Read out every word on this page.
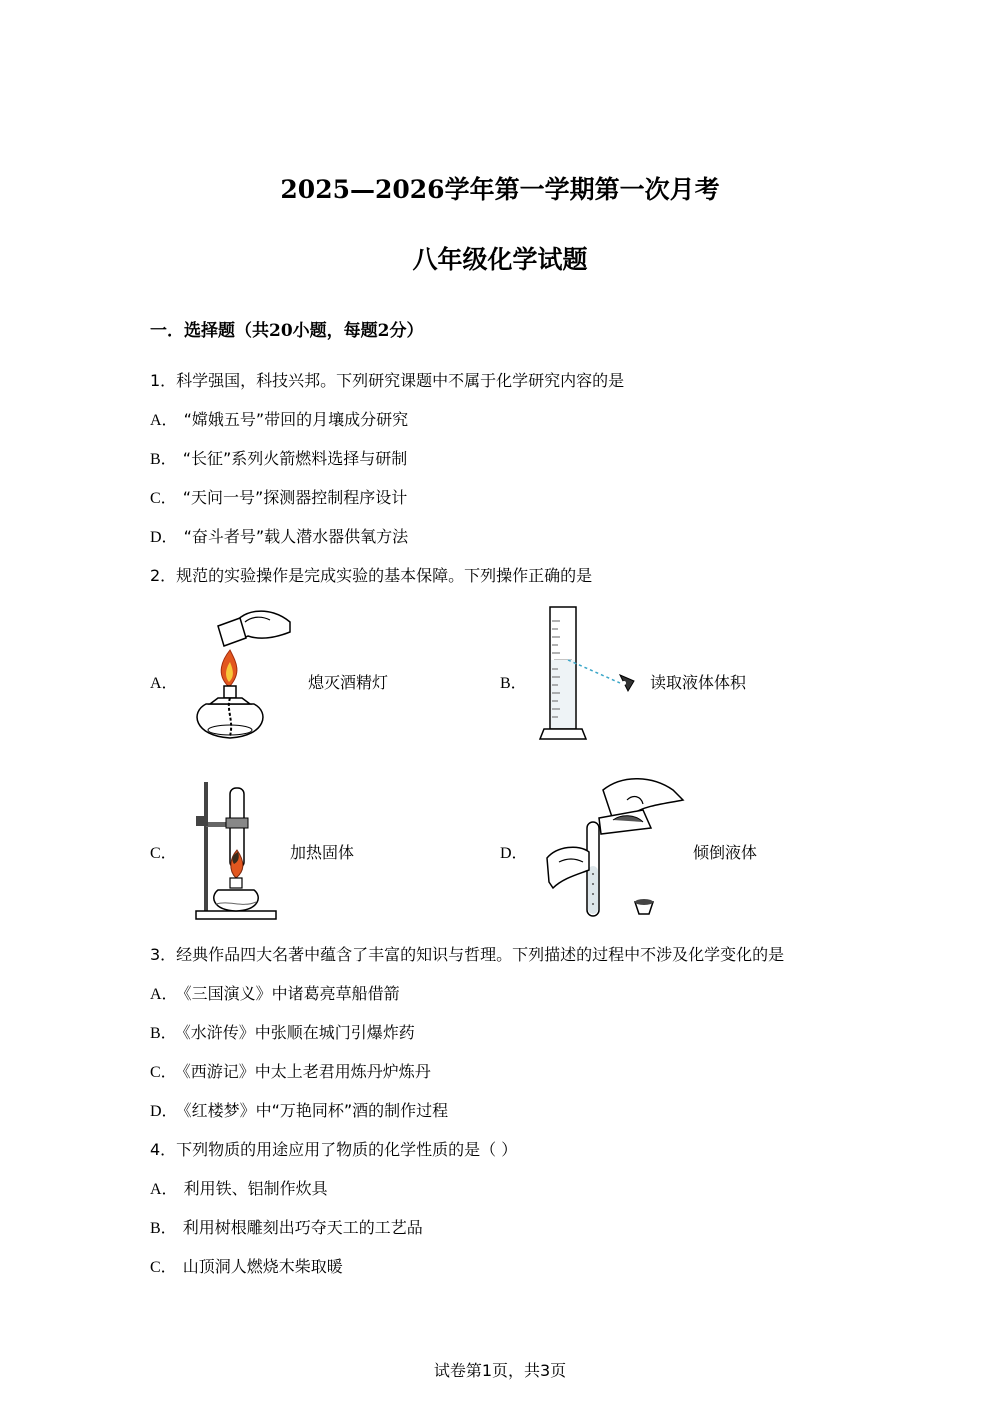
2025—2026学年第一学期第一次月考
八年级化学试题
一．选择题（共20小题，每题2分）
1．科学强国，科技兴邦。下列研究课题中不属于化学研究内容的是
A． “嫦娥五号”带回的月壤成分研究
B． “长征”系列火箭燃料选择与研制
C． “天问一号”探测器控制程序设计
D． “奋斗者号”载人潜水器供氧方法
2．规范的实验操作是完成实验的基本保障。下列操作正确的是
A．	熄灭酒精灯	B．	读取液体体积
C．	加热固体	D．	倾倒液体
3．经典作品四大名著中蕴含了丰富的知识与哲理。下列描述的过程中不涉及化学变化的是
A． 《三国演义》中诸葛亮草船借箭
B． 《水浒传》中张顺在城门引爆炸药
C． 《西游记》中太上老君用炼丹炉炼丹
D． 《红楼梦》中“万艳同杯”酒的制作过程
4．下列物质的用途应用了物质的化学性质的是（ ）
A． 利用铁、铝制作炊具
B． 利用树根雕刻出巧夺天工的工艺品
C． 山顶洞人燃烧木柴取暖
试卷第1页，共3页
